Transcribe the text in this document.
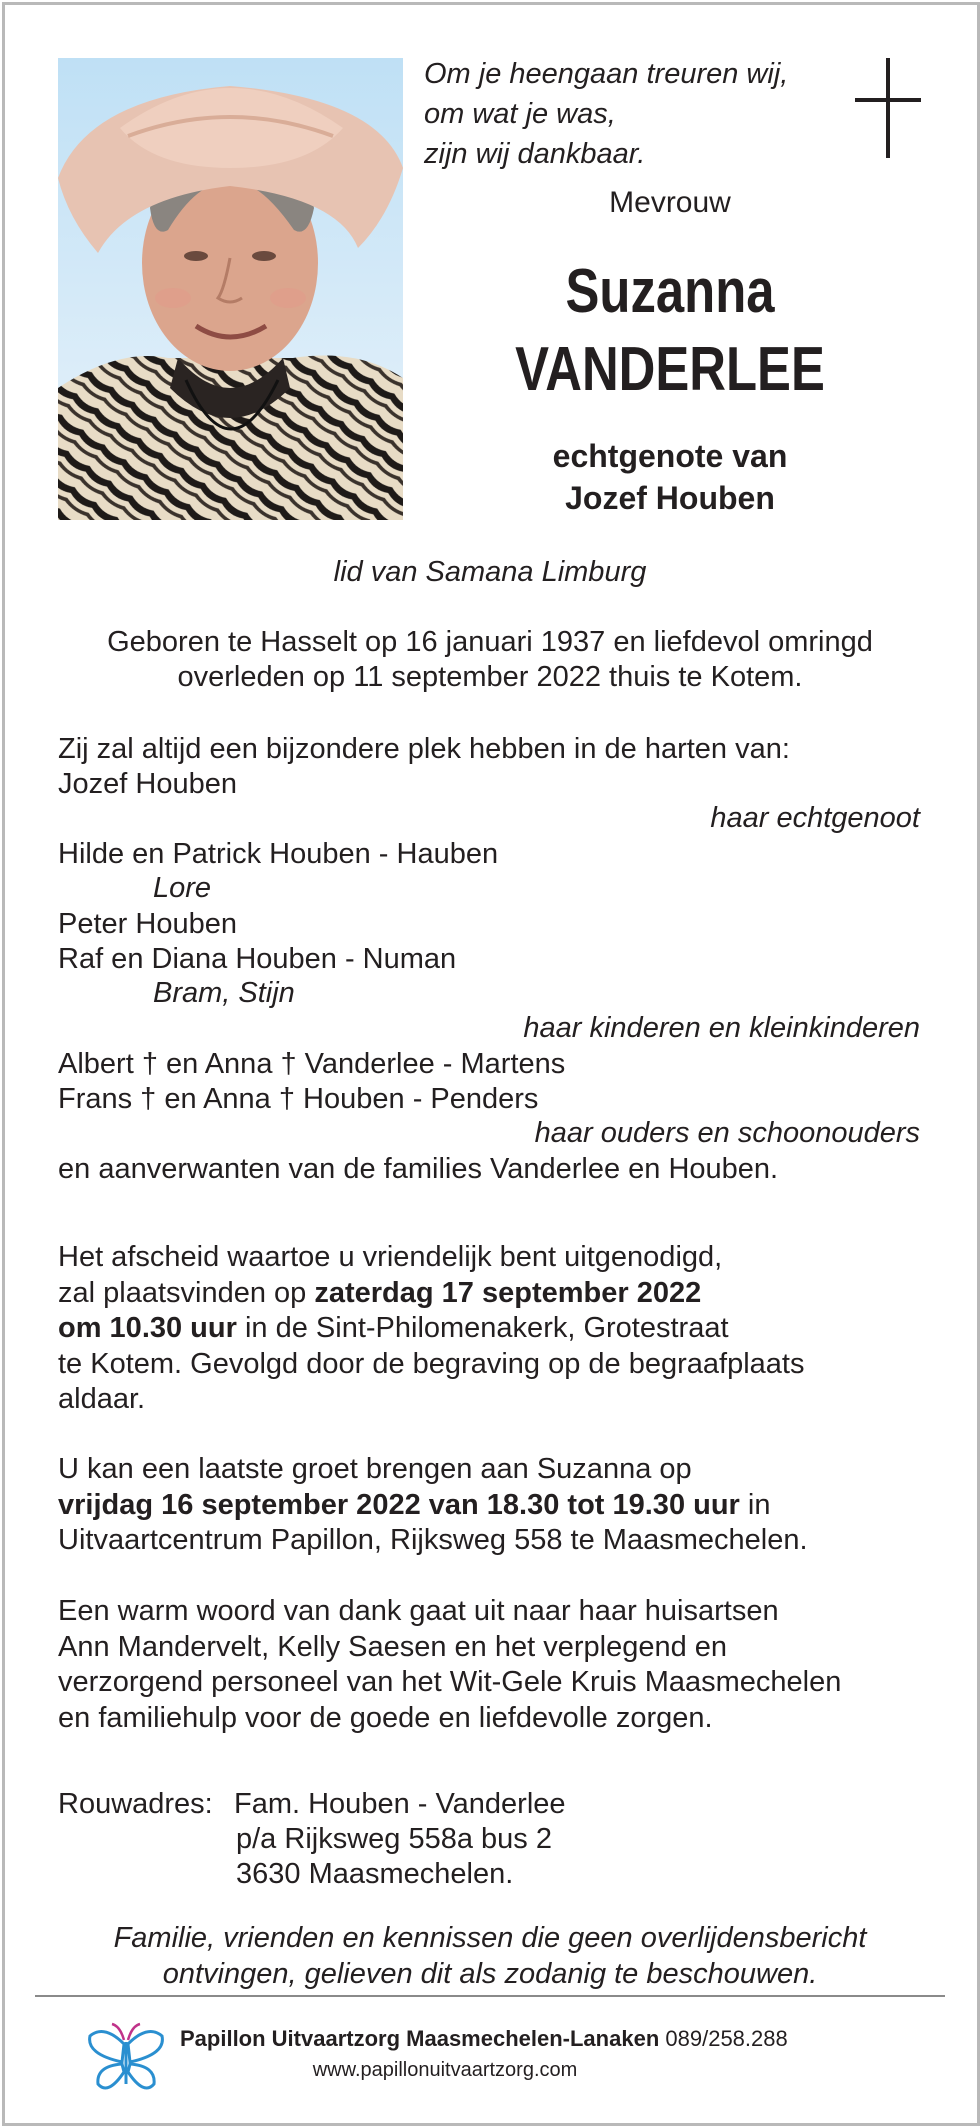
Om je heengaan treuren wij,
om wat je was,
zijn wij dankbaar.
Mevrouw
Suzanna
VANDERLEE
echtgenote van
Jozef Houben
lid van Samana Limburg
Geboren te Hasselt op 16 januari 1937 en liefdevol omringd
overleden op 11 september 2022 thuis te Kotem.
Zij zal altijd een bijzondere plek hebben in de harten van:
Jozef Houben
haar echtgenoot
Hilde en Patrick Houben - Hauben
Lore
Peter Houben
Raf en Diana Houben - Numan
Bram, Stijn
haar kinderen en kleinkinderen
Albert † en Anna † Vanderlee - Martens
Frans † en Anna † Houben - Penders
haar ouders en schoonouders
en aanverwanten van de families Vanderlee en Houben.
Het afscheid waartoe u vriendelijk bent uitgenodigd,
zal plaatsvinden op zaterdag 17 september 2022
om 10.30 uur in de Sint-Philomenakerk, Grotestraat
te Kotem. Gevolgd door de begraving op de begraafplaats
aldaar.
U kan een laatste groet brengen aan Suzanna op
vrijdag 16 september 2022 van 18.30 tot 19.30 uur in
Uitvaartcentrum Papillon, Rijksweg 558 te Maasmechelen.
Een warm woord van dank gaat uit naar haar huisartsen
Ann Mandervelt, Kelly Saesen en het verplegend en
verzorgend personeel van het Wit-Gele Kruis Maasmechelen
en familiehulp voor de goede en liefdevolle zorgen.
Rouwadres: Fam. Houben - Vanderlee
p/a Rijksweg 558a bus 2
3630 Maasmechelen.
Familie, vrienden en kennissen die geen overlijdensbericht
ontvingen, gelieven dit als zodanig te beschouwen.
Papillon Uitvaartzorg Maasmechelen-Lanaken 089/258.288
www.papillonuitvaartzorg.com
